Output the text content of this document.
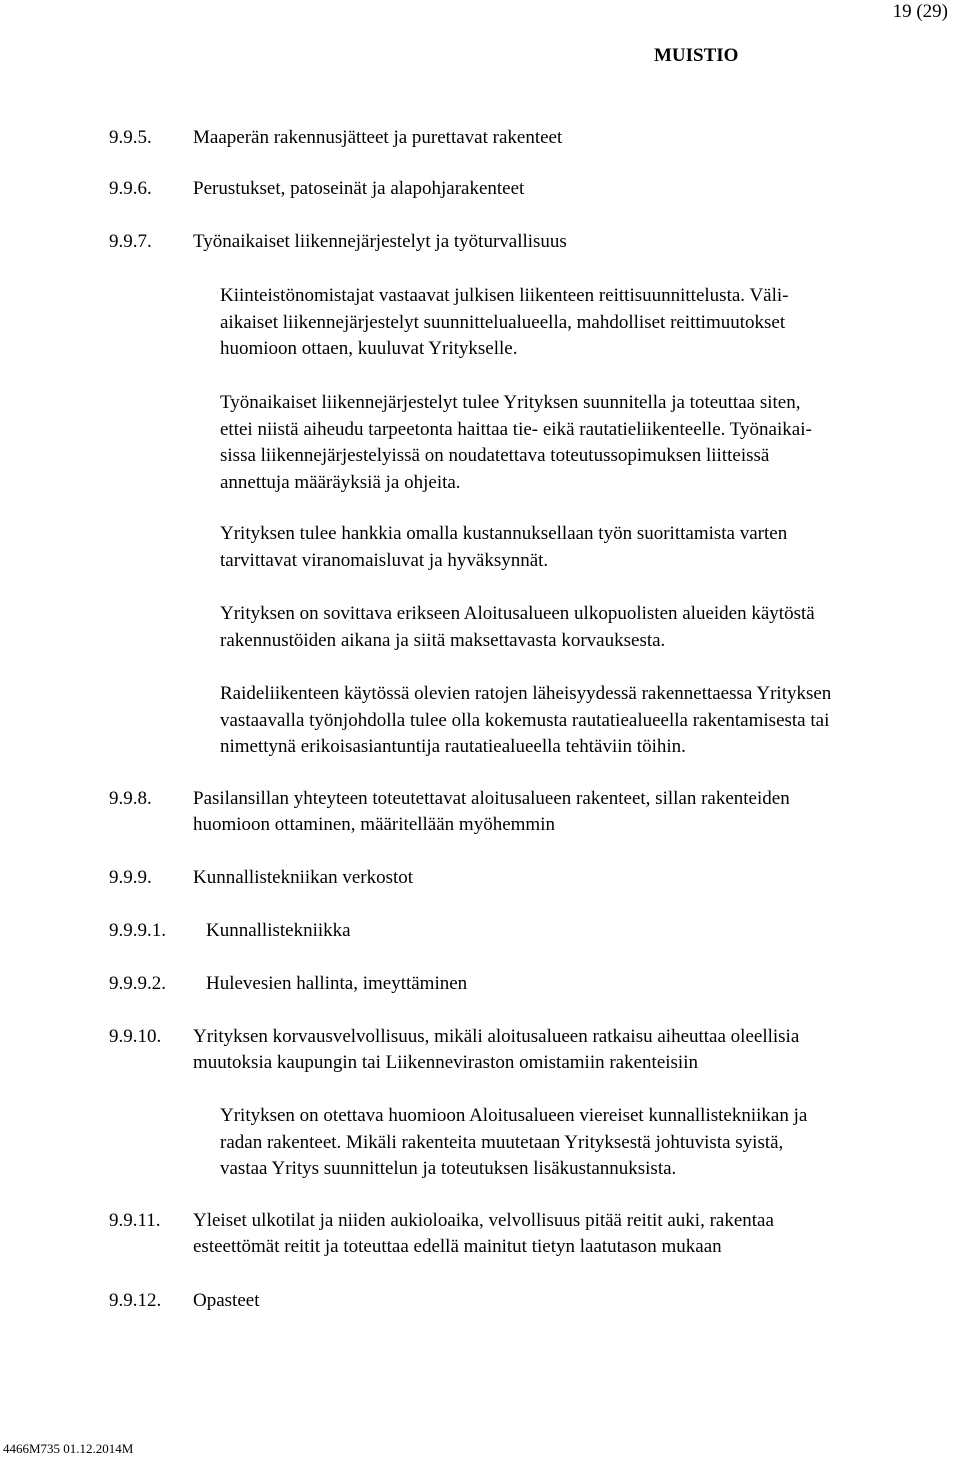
19 (29)
MUISTIO
9.9.5. Maaperän rakennusjätteet ja purettavat rakenteet
9.9.6. Perustukset, patoseinät ja alapohjarakenteet
9.9.7. Työnaikaiset liikennejärjestelyt ja työturvallisuus
Kiinteistönomistajat vastaavat julkisen liikenteen reittisuunnittelusta. Väli-
aikaiset liikennejärjestelyt suunnittelualueella, mahdolliset reittimuutokset
huomioon ottaen, kuuluvat Yritykselle.
Työnaikaiset liikennejärjestelyt tulee Yrityksen suunnitella ja toteuttaa siten,
ettei niistä aiheudu tarpeetonta haittaa tie- eikä rautatieliikenteelle. Työnaikai-
sissa liikennejärjestelyissä on noudatettava toteutussopimuksen liitteissä
annettuja määräyksiä ja ohjeita.
Yrityksen tulee hankkia omalla kustannuksellaan työn suorittamista varten
tarvittavat viranomaisluvat ja hyväksynnät.
Yrityksen on sovittava erikseen Aloitusalueen ulkopuolisten alueiden käytöstä
rakennustöiden aikana ja siitä maksettavasta korvauksesta.
Raideliikenteen käytössä olevien ratojen läheisyydessä rakennettaessa Yrityksen
vastaavalla työnjohdolla tulee olla kokemusta rautatiealueella rakentamisesta tai
nimettynä erikoisasiantuntija rautatiealueella tehtäviin töihin.
9.9.8. Pasilansillan yhteyteen toteutettavat aloitusalueen rakenteet, sillan rakenteiden
huomioon ottaminen, määritellään myöhemmin
9.9.9. Kunnallistekniikan verkostot
9.9.9.1. Kunnallistekniikka
9.9.9.2. Hulevesien hallinta, imeyttäminen
9.9.10. Yrityksen korvausvelvollisuus, mikäli aloitusalueen ratkaisu aiheuttaa oleellisia
muutoksia kaupungin tai Liikenneviraston omistamiin rakenteisiin
Yrityksen on otettava huomioon Aloitusalueen viereiset kunnallistekniikan ja
radan rakenteet. Mikäli rakenteita muutetaan Yrityksestä johtuvista syistä,
vastaa Yritys suunnittelun ja toteutuksen lisäkustannuksista.
9.9.11. Yleiset ulkotilat ja niiden aukioloaika, velvollisuus pitää reitit auki, rakentaa
esteettömät reitit ja toteuttaa edellä mainitut tietyn laatutason mukaan
9.9.12. Opasteet
4466M735 01.12.2014M
